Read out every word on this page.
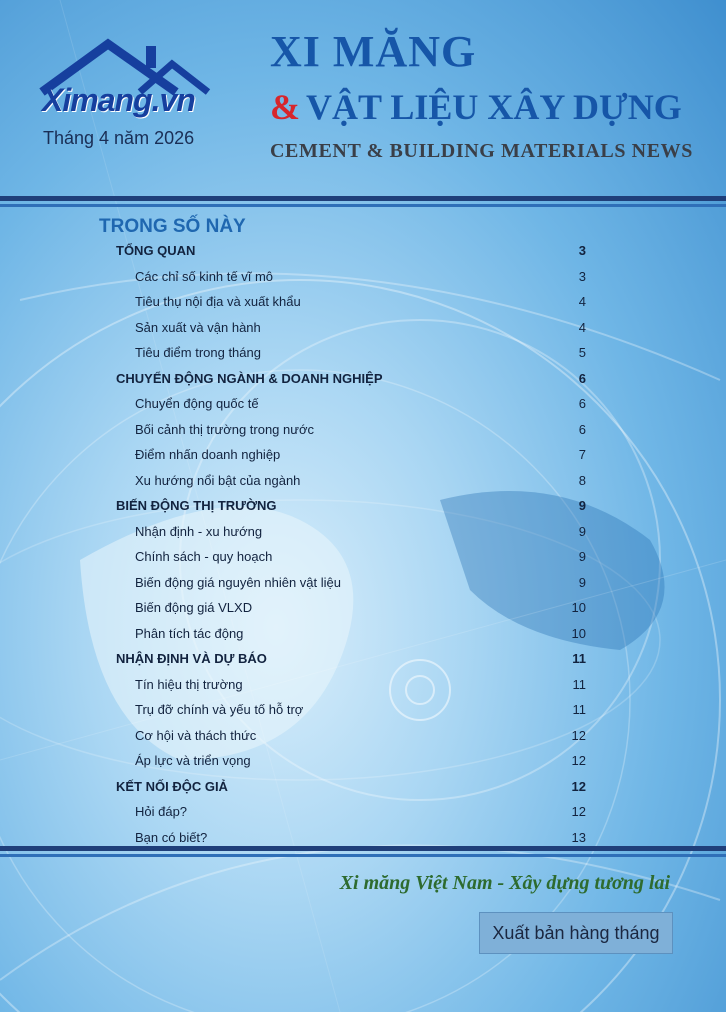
Ximang.vn
Tháng 4 năm 2026
XI MĂNG
& VẬT LIỆU XÂY DỰNG
CEMENT & BUILDING MATERIALS NEWS
TRONG SỐ NÀY
TỔNG QUAN	3
Các chỉ số kinh tế vĩ mô	3
Tiêu thụ nội địa và xuất khẩu	4
Sản xuất và vận hành	4
Tiêu điểm trong tháng	5
CHUYỂN ĐỘNG NGÀNH & DOANH NGHIỆP	6
Chuyển động quốc tế	6
Bối cảnh thị trường trong nước	6
Điểm nhấn doanh nghiệp	7
Xu hướng nổi bật của ngành	8
BIẾN ĐỘNG THỊ TRƯỜNG	9
Nhận định - xu hướng	9
Chính sách - quy hoạch	9
Biến động giá nguyên nhiên vật liệu	9
Biến động giá VLXD	10
Phân tích tác động	10
NHẬN ĐỊNH VÀ DỰ BÁO	11
Tín hiệu thị trường	11
Trụ đỡ chính và yếu tố hỗ trợ	11
Cơ hội và thách thức	12
Áp lực và triển vọng	12
KẾT NỐI ĐỘC GIẢ	12
Hỏi đáp?	12
Bạn có biết?	13
Xi măng Việt Nam - Xây dựng tương lai
Xuất bản hàng tháng
